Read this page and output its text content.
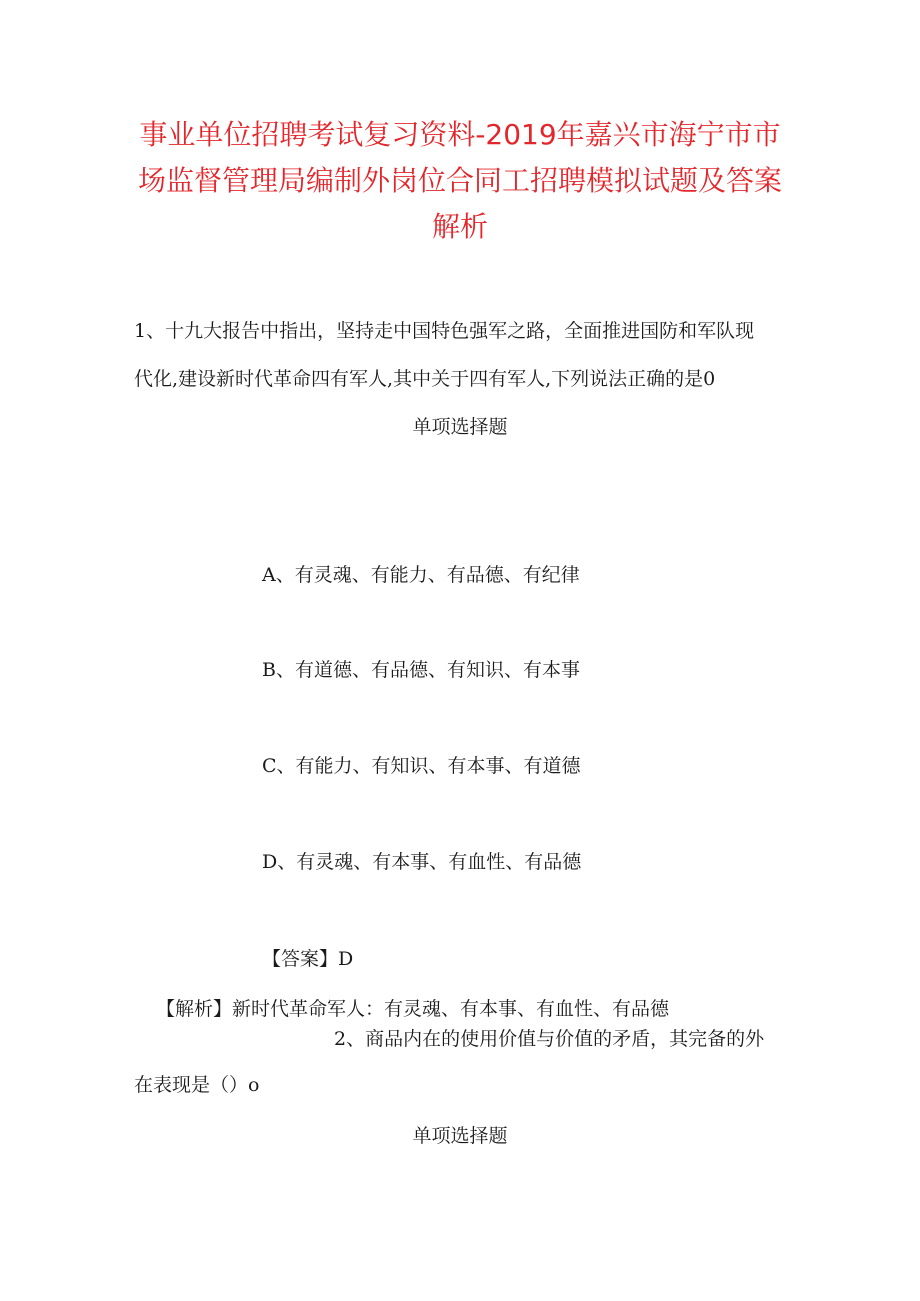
事业单位招聘考试复习资料-2019年嘉兴市海宁市市
场监督管理局编制外岗位合同工招聘模拟试题及答案
解析
1、十九大报告中指出，坚持走中国特色强军之路，全面推进国防和军队现
代化,建设新时代革命四有军人,其中关于四有军人,下列说法正确的是0
单项选择题
A、有灵魂、有能力、有品德、有纪律
B、有道德、有品德、有知识、有本事
C、有能力、有知识、有本事、有道德
D、有灵魂、有本事、有血性、有品德
【答案】D
【解析】新时代革命军人：有灵魂、有本事、有血性、有品德
2、商品内在的使用价值与价值的矛盾，其完备的外
在表现是（）o
单项选择题
